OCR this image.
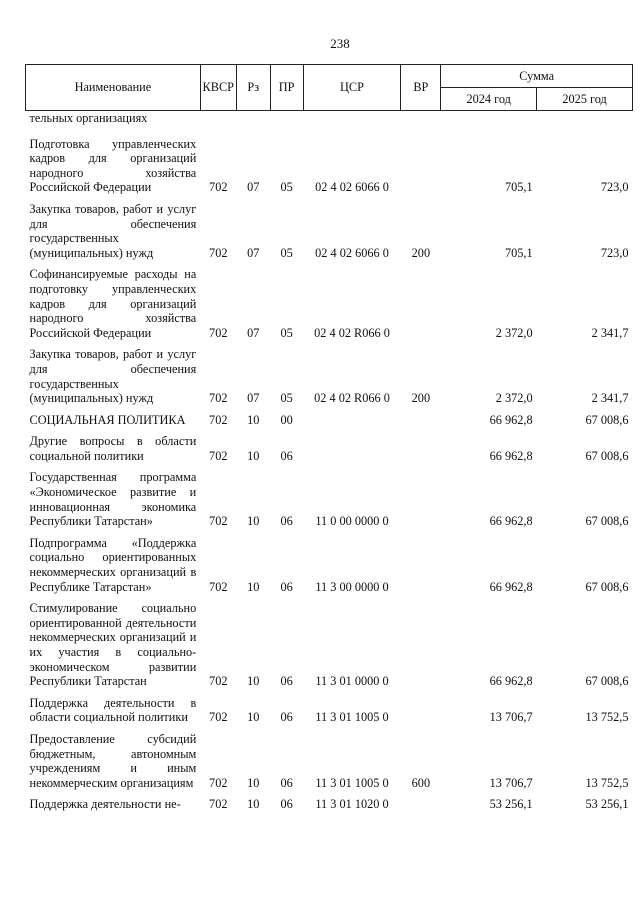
238
Наименование	КВСР	Рз	ПР	ЦСР	ВР	Сумма	
						2024 год	2025 год
тельных организациях							
Подготовка управленческих кадров для организаций народного хозяйства Российской Федерации	702	07	05	02 4 02 6066 0		705,1	723,0
Закупка товаров, работ и услуг для обеспечения государственных (муниципальных) нужд	702	07	05	02 4 02 6066 0	200	705,1	723,0
Софинансируемые расходы на подготовку управленческих кадров для организаций народного хозяйства Российской Федерации	702	07	05	02 4 02 R066 0		2 372,0	2 341,7
Закупка товаров, работ и услуг для обеспечения государственных (муниципальных) нужд	702	07	05	02 4 02 R066 0	200	2 372,0	2 341,7
СОЦИАЛЬНАЯ ПОЛИТИКА	702	10	00			66 962,8	67 008,6
Другие вопросы в области социальной политики	702	10	06			66 962,8	67 008,6
Государственная программа «Экономическое развитие и инновационная экономика Республики Татарстан»	702	10	06	11 0 00 0000 0		66 962,8	67 008,6
Подпрограмма «Поддержка социально ориентированных некоммерческих организаций в Республике Татарстан»	702	10	06	11 3 00 0000 0		66 962,8	67 008,6
Стимулирование социально ориентированной деятельности некоммерческих организаций и их участия в социально-экономическом развитии Республики Татарстан	702	10	06	11 3 01 0000 0		66 962,8	67 008,6
Поддержка деятельности в области социальной политики	702	10	06	11 3 01 1005 0		13 706,7	13 752,5
Предоставление субсидий бюджетным, автономным учреждениям и иным некоммерческим организациям	702	10	06	11 3 01 1005 0	600	13 706,7	13 752,5
Поддержка деятельности не-	702	10	06	11 3 01 1020 0		53 256,1	53 256,1
